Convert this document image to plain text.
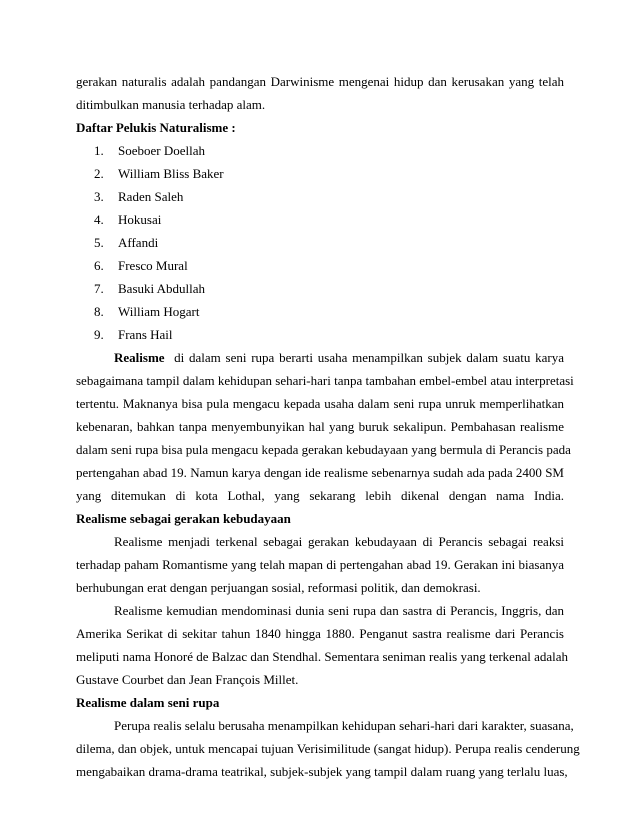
gerakan naturalis adalah pandangan Darwinisme mengenai hidup dan kerusakan yang telah
ditimbulkan manusia terhadap alam.
Daftar Pelukis Naturalisme :
1. Soeboer Doellah
2. William Bliss Baker
3. Raden Saleh
4. Hokusai
5. Affandi
6. Fresco Mural
7. Basuki Abdullah
8. William Hogart
9. Frans Hail
Realisme di dalam seni rupa berarti usaha menampilkan subjek dalam suatu karya
sebagaimana tampil dalam kehidupan sehari-hari tanpa tambahan embel-embel atau interpretasi
tertentu. Maknanya bisa pula mengacu kepada usaha dalam seni rupa unruk memperlihatkan
kebenaran, bahkan tanpa menyembunyikan hal yang buruk sekalipun. Pembahasan realisme
dalam seni rupa bisa pula mengacu kepada gerakan kebudayaan yang bermula di Perancis pada
pertengahan abad 19. Namun karya dengan ide realisme sebenarnya sudah ada pada 2400 SM
yang ditemukan di kota Lothal, yang sekarang lebih dikenal dengan nama India.
Realisme sebagai gerakan kebudayaan
Realisme menjadi terkenal sebagai gerakan kebudayaan di Perancis sebagai reaksi
terhadap paham Romantisme yang telah mapan di pertengahan abad 19. Gerakan ini biasanya
berhubungan erat dengan perjuangan sosial, reformasi politik, dan demokrasi.
Realisme kemudian mendominasi dunia seni rupa dan sastra di Perancis, Inggris, dan
Amerika Serikat di sekitar tahun 1840 hingga 1880. Penganut sastra realisme dari Perancis
meliputi nama Honoré de Balzac dan Stendhal. Sementara seniman realis yang terkenal adalah
Gustave Courbet dan Jean François Millet.
Realisme dalam seni rupa
Perupa realis selalu berusaha menampilkan kehidupan sehari-hari dari karakter, suasana,
dilema, dan objek, untuk mencapai tujuan Verisimilitude (sangat hidup). Perupa realis cenderung
mengabaikan drama-drama teatrikal, subjek-subjek yang tampil dalam ruang yang terlalu luas,
